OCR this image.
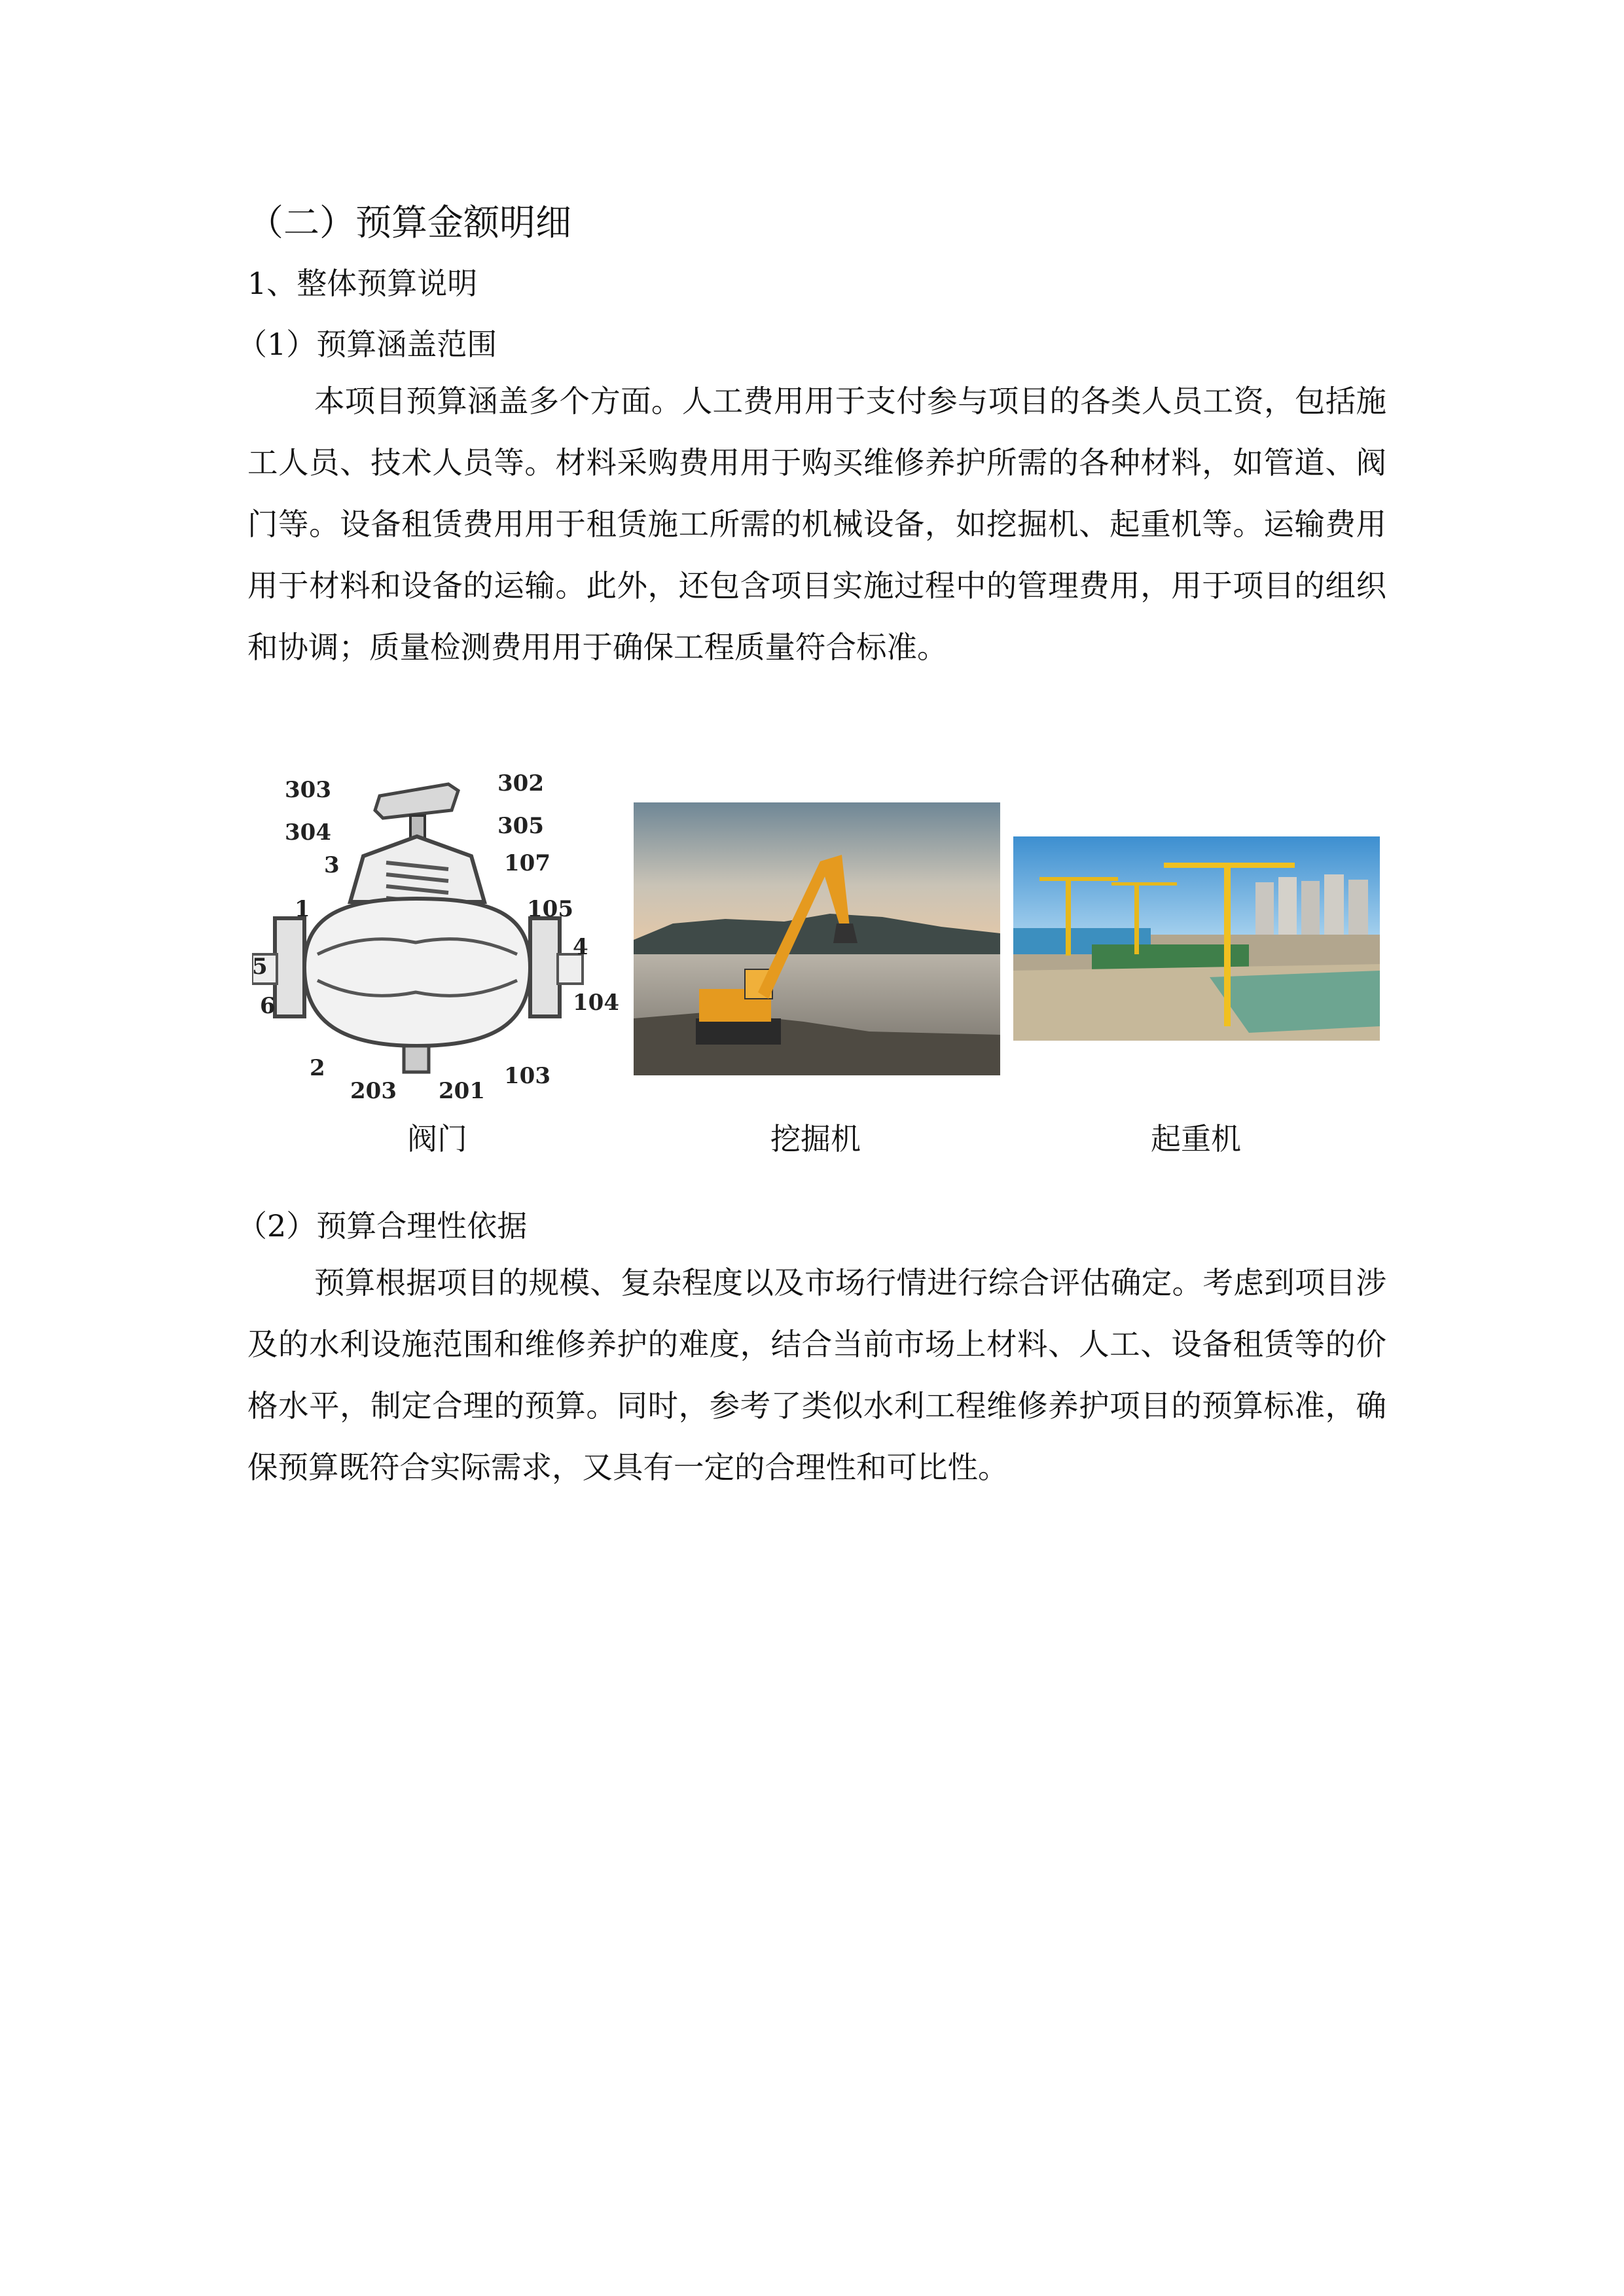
（二）预算金额明细
1、整体预算说明
（1）预算涵盖范围
本项目预算涵盖多个方面。人工费用用于支付参与项目的各类人员工资，包括施工人员、技术人员等。材料采购费用用于购买维修养护所需的各种材料，如管道、阀门等。设备租赁费用用于租赁施工所需的机械设备，如挖掘机、起重机等。运输费用用于材料和设备的运输。此外，还包含项目实施过程中的管理费用，用于项目的组织和协调；质量检测费用用于确保工程质量符合标准。
303	302
304	305
3	107
1	105
4
5
6	104
2
203 201
103
阀门	挖掘机	起重机
（2）预算合理性依据
预算根据项目的规模、复杂程度以及市场行情进行综合评估确定。考虑到项目涉及的水利设施范围和维修养护的难度，结合当前市场上材料、人工、设备租赁等的价格水平，制定合理的预算。同时，参考了类似水利工程维修养护项目的预算标准，确保预算既符合实际需求，又具有一定的合理性和可比性。
